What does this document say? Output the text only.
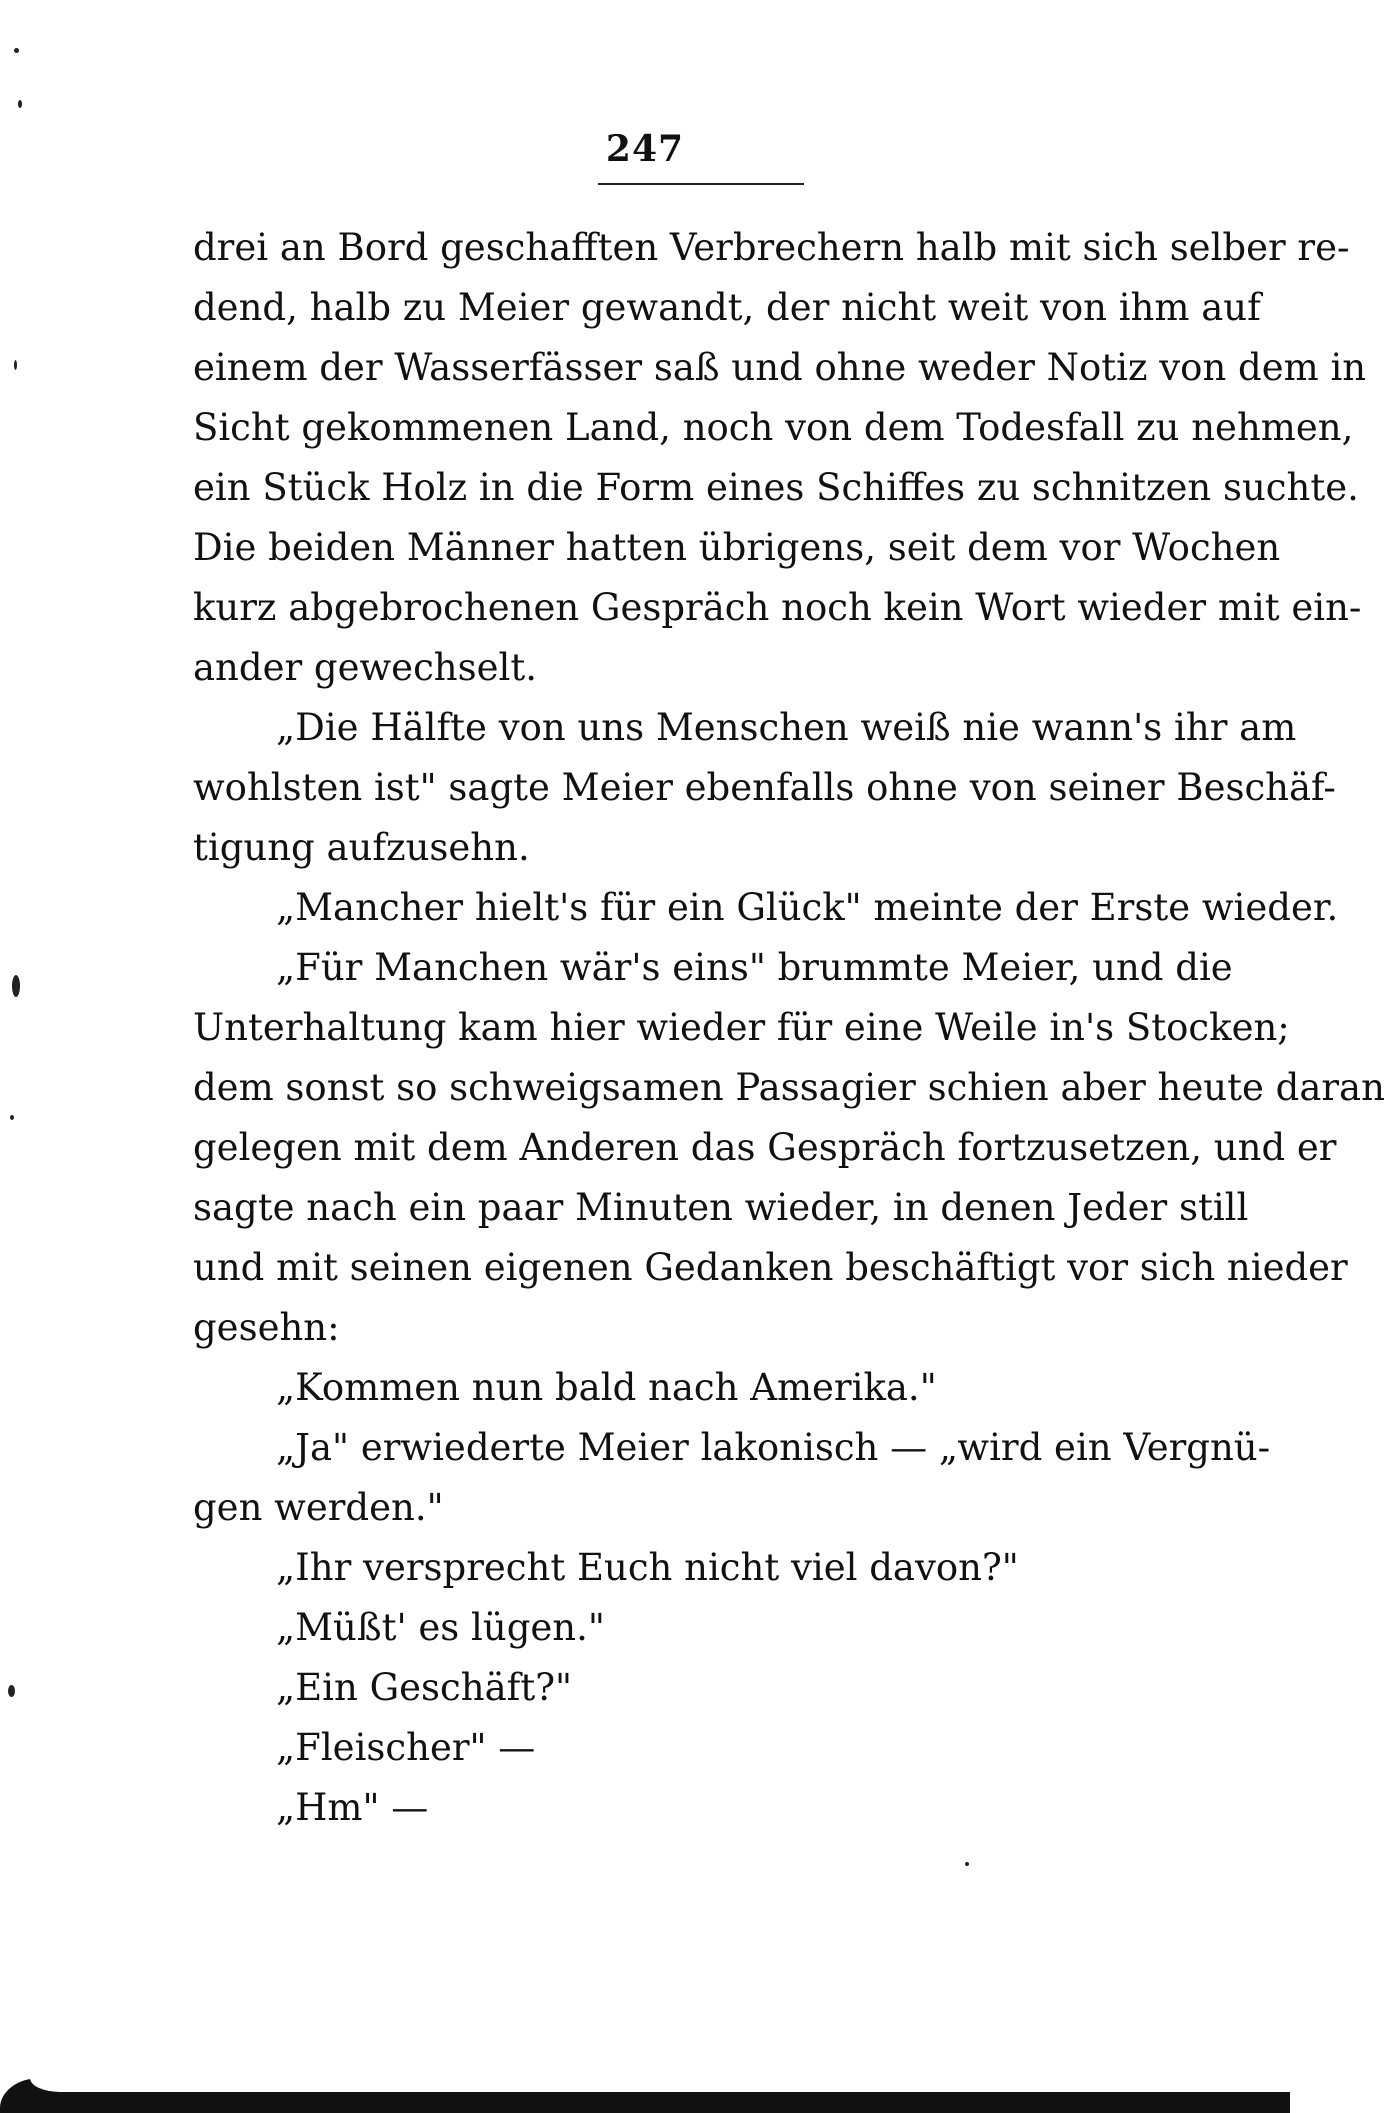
247
drei an Bord geschafften Verbrechern halb mit sich selber re-
dend, halb zu Meier gewandt, der nicht weit von ihm auf
einem der Wasserfässer saß und ohne weder Notiz von dem in
Sicht gekommenen Land, noch von dem Todesfall zu nehmen,
ein Stück Holz in die Form eines Schiffes zu schnitzen suchte.
Die beiden Männer hatten übrigens, seit dem vor Wochen
kurz abgebrochenen Gespräch noch kein Wort wieder mit ein-
ander gewechselt.
„Die Hälfte von uns Menschen weiß nie wann's ihr am
wohlsten ist" sagte Meier ebenfalls ohne von seiner Beschäf-
tigung aufzusehn.
„Mancher hielt's für ein Glück" meinte der Erste wieder.
„Für Manchen wär's eins" brummte Meier, und die
Unterhaltung kam hier wieder für eine Weile in's Stocken;
dem sonst so schweigsamen Passagier schien aber heute daran
gelegen mit dem Anderen das Gespräch fortzusetzen, und er
sagte nach ein paar Minuten wieder, in denen Jeder still
und mit seinen eigenen Gedanken beschäftigt vor sich nieder
gesehn:
„Kommen nun bald nach Amerika."
„Ja" erwiederte Meier lakonisch — „wird ein Vergnü-
gen werden."
„Ihr versprecht Euch nicht viel davon?"
„Müßt' es lügen."
„Ein Geschäft?"
„Fleischer" —
„Hm" —
